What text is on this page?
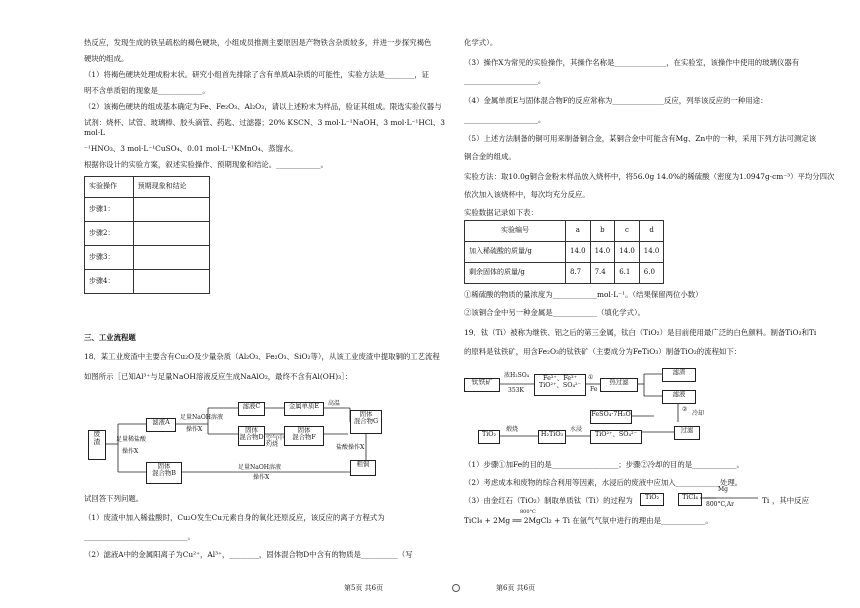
热反应，发现生成的铁呈疏松的褐色硬块，小组成员推测主要原因是产物铁含杂质较多，并进一步探究褐色

硬块的组成。

（1）将褐色硬块处理成粉末状。研究小组首先排除了含有单质Al杂质的可能性，实验方法是________，证

明不含单质铝的现象是____________。

（2）该褐色硬块的组成基本确定为Fe、Fe₂O₃、Al₂O₃，请以上述粉末为样品，验证其组成。限选实验仪器与

试剂：烧杯、试管、玻璃棒、胶头滴管、药匙、过滤器；20% KSCN、3 mol·L⁻¹NaOH、3 mol·L⁻¹HCl、3 mol·L

⁻¹HNO₃、3 mol·L⁻¹CuSO₄、0.01 mol·L⁻¹KMnO₄、蒸馏水。

根据你设计的实验方案，叙述实验操作、预期现象和结论。____________。

实验操作	预期现象和结论
步骤1：	
步骤2：	
步骤3：	
步骤4：	
三、工业流程题
18．某工业废渣中主要含有Cu₂O及少量杂质（Al₂O₃、Fe₂O₃、SiO₂等），从该工业废渣中提取铜的工艺流程
如图所示［已知Al³⁺与足量NaOH溶液反应生成NaAlO₂，最终不含有Al(OH)₃］：
废
渣
滤液A
滤液C	金属单质E
固体
混合物G
固体
混合物D
固体
混合物F
固体
混合物B
粗铜
足量稀盐酸
操作X
足量NaOH溶液
操作X
空气中
灼烧
高温
盐酸操作X
足量NaOH溶液
操作X
试回答下列问题。
（1）废渣中加入稀盐酸时，Cu₂O发生Cu元素自身的氧化还原反应，该反应的离子方程式为
____________________________。
（2）滤液A中的金属阳离子为Cu²⁺，Al³⁺，________，固体混合物D中含有的物质是__________（写
化学式）。
（3）操作X为常见的实验操作，其操作名称是______________，在实验室，该操作中使用的玻璃仪器有
____________________。
（4）金属单质E与固体混合物F的反应常称为______________反应，列举该反应的一种用途：
____________________。
（5）上述方法制备的铜可用来制备铜合金，某铜合金中可能含有Mg、Zn中的一种，采用下列方法可测定该
铜合金的组成。
实验方法：取10.0g铜合金粉末样品放入烧杯中，将56.0g 14.0%的稀硫酸（密度为1.0947g·cm⁻³）平均分四次
依次加入该烧杯中，每次均充分反应。
实验数据记录如下表：
实验编号	a	b	c	d
加入稀硫酸的质量/g	14.0	14.0	14.0	14.0
剩余固体的质量/g	8.7	7.4	6.1	6.0
①稀硫酸的物质的量浓度为____________mol·L⁻¹。（结果保留两位小数）
②该铜合金中另一种金属是____________（填化学式）。
19．钛（Ti）被称为继铁、铝之后的第三金属，钛白（TiO₂）是目前使用最广泛的白色颜料。制备TiO₂和Ti
的原料是钛铁矿，用含Fe₂O₃的钛铁矿（主要成分为FeTiO₃）制备TiO₂的流程如下：
钛铁矿
浓H₂SO₄
353K
Fe²⁺、Fe³⁺
TiO²⁺、SO₄²⁻
①
Fe
热过滤
滤渣
滤液
②
冷却
FeSO₄·7H₂O
过滤
TiO²⁺、SO₄²⁻
水浸
H₂TiO₃
煅烧
TiO₂
（1）步骤①加Fe的目的是__________________；步骤②冷却的目的是____________。
（2）考虑成本和废物的综合利用等因素，水浸后的废液中应加入____________处理。
（3）由金红石（TiO₂）制取单质钛（Ti）的过程为	TiO₂	TiCl₄
Mg
800°C,Ar	Ti ，其中反应
TiCl₄ + 2Mg ══ 2MgCl₂ + Ti 在氩气气氛中进行的理由是____________。
800°C
第5页 共6页	第6页 共6页
